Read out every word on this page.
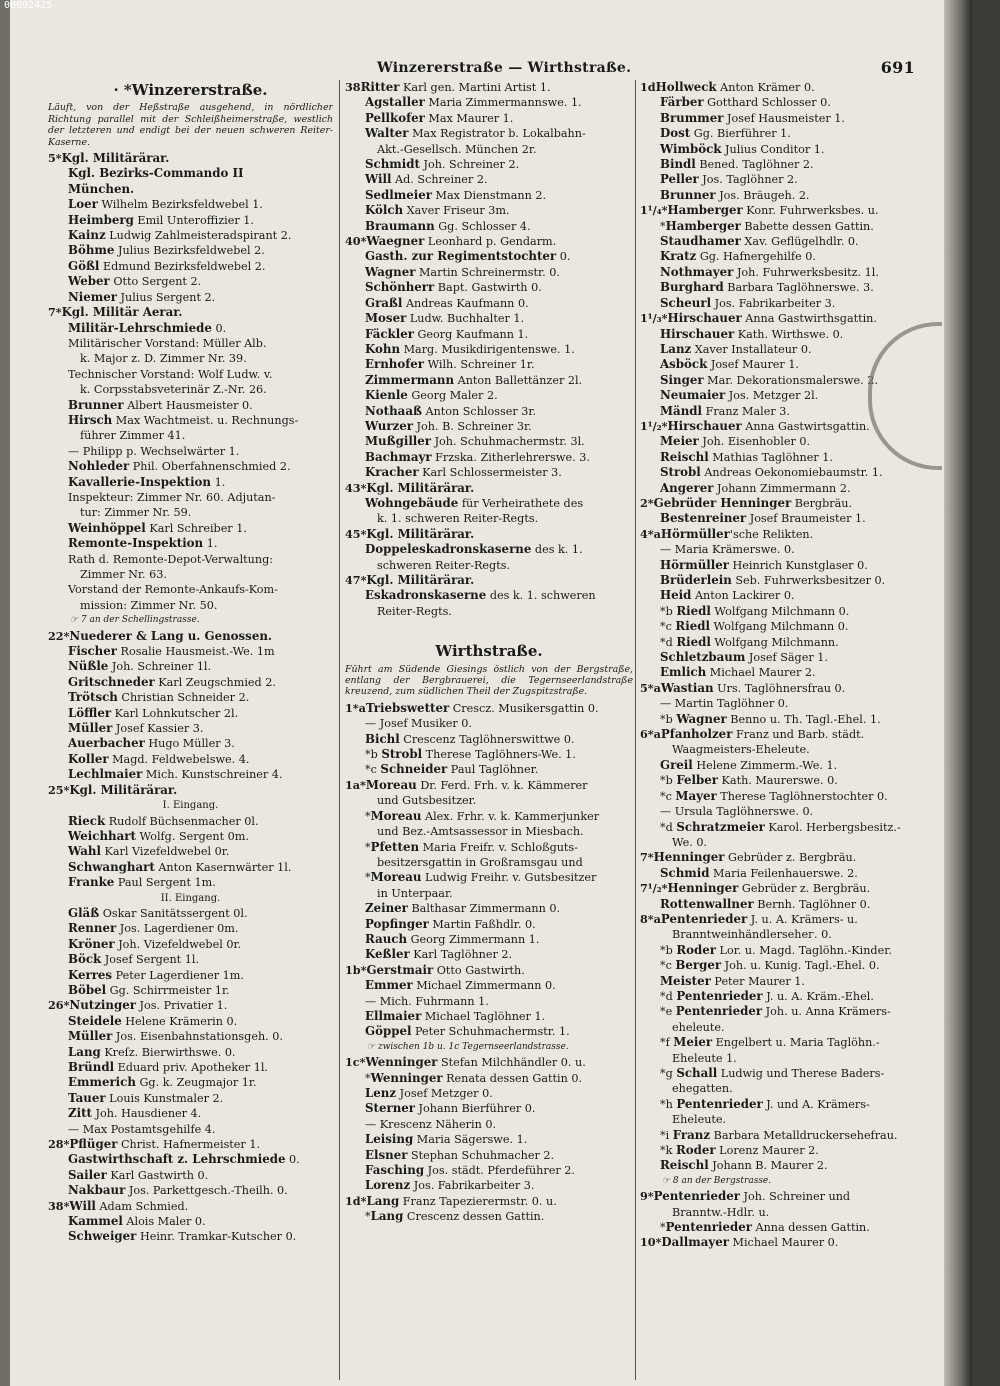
Winzererstraße — Wirthstraße.	691
· *Winzererstraße.
Läuft, von der Heßstraße ausgehend, in nördlicher Richtung parallel mit der Schleißheimerstraße, westlich der letzteren und endigt bei der neuen schweren Reiter-Kaserne.
5*Kgl. Militärärar.
Kgl. Bezirks-Commando II
München.
Loer Wilhelm Bezirksfeldwebel 1.
Heimberg Emil Unteroffizier 1.
Kainz Ludwig Zahlmeisteradspirant 2.
Böhme Julius Bezirksfeldwebel 2.
Gößl Edmund Bezirksfeldwebel 2.
Weber Otto Sergent 2.
Niemer Julius Sergent 2.
7*Kgl. Militär Aerar.
Militär-Lehrschmiede 0.
Militärischer Vorstand: Müller Alb.
k. Major z. D. Zimmer Nr. 39.
Technischer Vorstand: Wolf Ludw. v.
k. Corpsstabsveterinär Z.-Nr. 26.
Brunner Albert Hausmeister 0.
Hirsch Max Wachtmeist. u. Rechnungs-
führer Zimmer 41.
— Philipp p. Wechselwärter 1.
Nohleder Phil. Oberfahnenschmied 2.
Kavallerie-Inspektion 1.
Inspekteur: Zimmer Nr. 60. Adjutan-
tur: Zimmer Nr. 59.
Weinhöppel Karl Schreiber 1.
Remonte-Inspektion 1.
Rath d. Remonte-Depot-Verwaltung:
Zimmer Nr. 63.
Vorstand der Remonte-Ankaufs-Kom-
mission: Zimmer Nr. 50.
☞ 7 an der Schellingstrasse.
22*Nuederer & Lang u. Genossen.
Fischer Rosalie Hausmeist.-We. 1m
Nüßle Joh. Schreiner 1l.
Gritschneder Karl Zeugschmied 2.
Trötsch Christian Schneider 2.
Löffler Karl Lohnkutscher 2l.
Müller Josef Kassier 3.
Auerbacher Hugo Müller 3.
Koller Magd. Feldwebelswe. 4.
Lechlmaier Mich. Kunstschreiner 4.
25*Kgl. Militärärar.
I. Eingang.
Rieck Rudolf Büchsenmacher 0l.
Weichhart Wolfg. Sergent 0m.
Wahl Karl Vizefeldwebel 0r.
Schwanghart Anton Kasernwärter 1l.
Franke Paul Sergent 1m.
II. Eingang.
Gläß Oskar Sanitätssergent 0l.
Renner Jos. Lagerdiener 0m.
Kröner Joh. Vizefeldwebel 0r.
Böck Josef Sergent 1l.
Kerres Peter Lagerdiener 1m.
Böbel Gg. Schirrmeister 1r.
26*Nutzinger Jos. Privatier 1.
Steidele Helene Krämerin 0.
Müller Jos. Eisenbahnstationsgeh. 0.
Lang Kreſz. Bierwirthswe. 0.
Bründl Eduard priv. Apotheker 1l.
Emmerich Gg. k. Zeugmajor 1r.
Tauer Louis Kunstmaler 2.
Zitt Joh. Hausdiener 4.
— Max Postamtsgehilfe 4.
28*Pflüger Christ. Hafnermeister 1.
Gastwirthschaft z. Lehrschmiede 0.
Sailer Karl Gastwirth 0.
Nakbaur Jos. Parkettgesch.-Theilh. 0.
38*Will Adam Schmied.
Kammel Alois Maler 0.
Schweiger Heinr. Tramkar-Kutscher 0.
38Ritter Karl gen. Martini Artist 1.
Agstaller Maria Zimmermannswe. 1.
Pellkofer Max Maurer 1.
Walter Max Registrator b. Lokalbahn-
Akt.-Gesellsch. München 2r.
Schmidt Joh. Schreiner 2.
Will Ad. Schreiner 2.
Sedlmeier Max Dienstmann 2.
Kölch Xaver Friseur 3m.
Braumann Gg. Schlosser 4.
40*Waegner Leonhard p. Gendarm.
Gasth. zur Regimentstochter 0.
Wagner Martin Schreinermstr. 0.
Schönherr Bapt. Gastwirth 0.
Graßl Andreas Kaufmann 0.
Moser Ludw. Buchhalter 1.
Fäckler Georg Kaufmann 1.
Kohn Marg. Musikdirigentenswe. 1.
Ernhofer Wilh. Schreiner 1r.
Zimmermann Anton Ballettänzer 2l.
Kienle Georg Maler 2.
Nothaaß Anton Schlosser 3r.
Wurzer Joh. B. Schreiner 3r.
Mußgiller Joh. Schuhmachermstr. 3l.
Bachmayr Frzska. Zitherlehrerswe. 3.
Kracher Karl Schlossermeister 3.
43*Kgl. Militärärar.
Wohngebäude für Verheirathete des
k. 1. schweren Reiter-Regts.
45*Kgl. Militärärar.
Doppeleskadronskaserne des k. 1.
schweren Reiter-Regts.
47*Kgl. Militärärar.
Eskadronskaserne des k. 1. schweren
Reiter-Regts.
Wirthstraße.
Führt am Südende Giesings östlich von der Bergstraße, entlang der Bergbrauerei, die Tegernseerlandstraße kreuzend, zum südlichen Theil der Zugspitzstraße.
1*aTriebswetter Crescz. Musikersgattin 0.
— Josef Musiker 0.
Bichl Crescenz Taglöhnerswittwe 0.
*b Strobl Therese Taglöhners-We. 1.
*c Schneider Paul Taglöhner.
1a*Moreau Dr. Ferd. Frh. v. k. Kämmerer
und Gutsbesitzer.
*Moreau Alex. Frhr. v. k. Kammerjunker
und Bez.-Amtsassessor in Miesbach.
*Pfetten Maria Freifr. v. Schloßguts-
besitzersgattin in Großramsgau und
*Moreau Ludwig Freihr. v. Gutsbesitzer
in Unterpaar.
Zeiner Balthasar Zimmermann 0.
Popfinger Martin Faßhdlr. 0.
Rauch Georg Zimmermann 1.
Keßler Karl Taglöhner 2.
1b*Gerstmair Otto Gastwirth.
Emmer Michael Zimmermann 0.
— Mich. Fuhrmann 1.
Ellmaier Michael Taglöhner 1.
Göppel Peter Schuhmachermstr. 1.
☞ zwischen 1b u. 1c Tegernseerlandstrasse.
1c*Wenninger Stefan Milchhändler 0. u.
*Wenninger Renata dessen Gattin 0.
Lenz Josef Metzger 0.
Sterner Johann Bierführer 0.
— Krescenz Näherin 0.
Leising Maria Sägerswe. 1.
Elsner Stephan Schuhmacher 2.
Fasching Jos. städt. Pferdeführer 2.
Lorenz Jos. Fabrikarbeiter 3.
1d*Lang Franz Tapezierermstr. 0. u.
*Lang Crescenz dessen Gattin.
1dHollweck Anton Krämer 0.
Färber Gotthard Schlosser 0.
Brummer Josef Hausmeister 1.
Dost Gg. Bierführer 1.
Wimböck Julius Conditor 1.
Bindl Bened. Taglöhner 2.
Peller Jos. Taglöhner 2.
Brunner Jos. Bräugeh. 2.
1¹/₄*Hamberger Konr. Fuhrwerksbes. u.
*Hamberger Babette dessen Gattin.
Staudhamer Xav. Geflügelhdlr. 0.
Kratz Gg. Hafnergehilfe 0.
Nothmayer Joh. Fuhrwerksbesitz. 1l.
Burghard Barbara Taglöhnerswe. 3.
Scheurl Jos. Fabrikarbeiter 3.
1¹/₃*Hirschauer Anna Gastwirthsgattin.
Hirschauer Kath. Wirthswe. 0.
Lanz Xaver Installateur 0.
Asböck Josef Maurer 1.
Singer Mar. Dekorationsmalerswe. 2.
Neumaier Jos. Metzger 2l.
Mändl Franz Maler 3.
1¹/₂*Hirschauer Anna Gastwirtsgattin.
Meier Joh. Eisenhobler 0.
Reischl Mathias Taglöhner 1.
Strobl Andreas Oekonomiebaumstr. 1.
Angerer Johann Zimmermann 2.
2*Gebrüder Henninger Bergbräu.
Bestenreiner Josef Braumeister 1.
4*aHörmüller'sche Relikten.
— Maria Krämerswe. 0.
Hörmüller Heinrich Kunstglaser 0.
Brüderlein Seb. Fuhrwerksbesitzer 0.
Heid Anton Lackirer 0.
*b Riedl Wolfgang Milchmann 0.
*c Riedl Wolfgang Milchmann 0.
*d Riedl Wolfgang Milchmann.
Schletzbaum Josef Säger 1.
Emlich Michael Maurer 2.
5*aWastian Urs. Taglöhnersfrau 0.
— Martin Taglöhner 0.
*b Wagner Benno u. Th. Tagl.-Ehel. 1.
6*aPfanholzer Franz und Barb. städt.
Waagmeisters-Eheleute.
Greil Helene Zimmerm.-We. 1.
*b Felber Kath. Maurerswe. 0.
*c Mayer Therese Taglöhnerstochter 0.
— Ursula Taglöhnerswe. 0.
*d Schratzmeier Karol. Herbergsbesitz.-
We. 0.
7*Henninger Gebrüder z. Bergbräu.
Schmid Maria Feilenhauerswe. 2.
7¹/₂*Henninger Gebrüder z. Bergbräu.
Rottenwallner Bernh. Taglöhner 0.
8*aPentenrieder J. u. A. Krämers- u.
Branntweinhändlersehег. 0.
*b Roder Lor. u. Magd. Taglöhn.-Kinder.
*c Berger Joh. u. Kunig. Tagl.-Ehel. 0.
Meister Peter Maurer 1.
*d Pentenrieder J. u. A. Kräm.-Ehel.
*e Pentenrieder Joh. u. Anna Krämers-
eheleute.
*f Meier Engelbert u. Maria Taglöhn.-
Eheleute 1.
*g Schall Ludwig und Therese Baders-
ehegatten.
*h Pentenrieder J. und A. Krämers-
Eheleute.
*i Franz Barbara Metalldruckersehefrau.
*k Roder Lorenz Maurer 2.
Reischl Johann B. Maurer 2.
☞ 8 an der Bergstrasse.
9*Pentenrieder Joh. Schreiner und
Branntw.-Hdlr. u.
*Pentenrieder Anna dessen Gattin.
10*Dallmayer Michael Maurer 0.
00092425
